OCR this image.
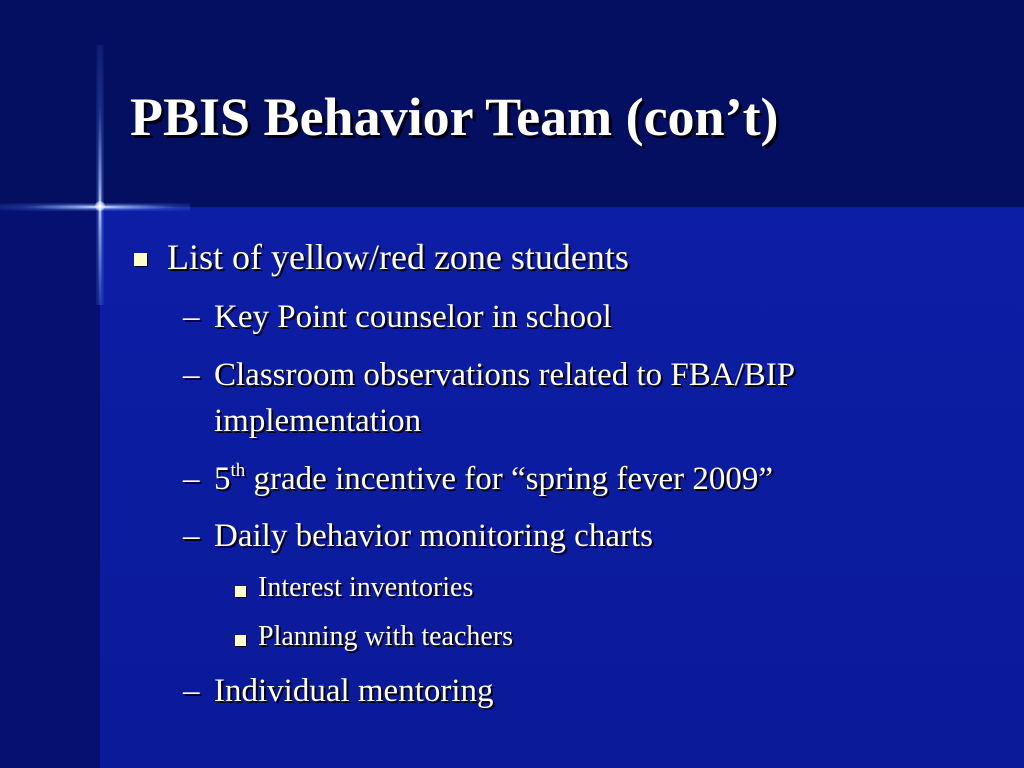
PBIS Behavior Team (con’t)
List of yellow/red zone students
– Key Point counselor in school
– Classroom observations related to FBA/BIP
implementation
– 5th grade incentive for “spring fever 2009”
– Daily behavior monitoring charts
Interest inventories
Planning with teachers
– Individual mentoring
